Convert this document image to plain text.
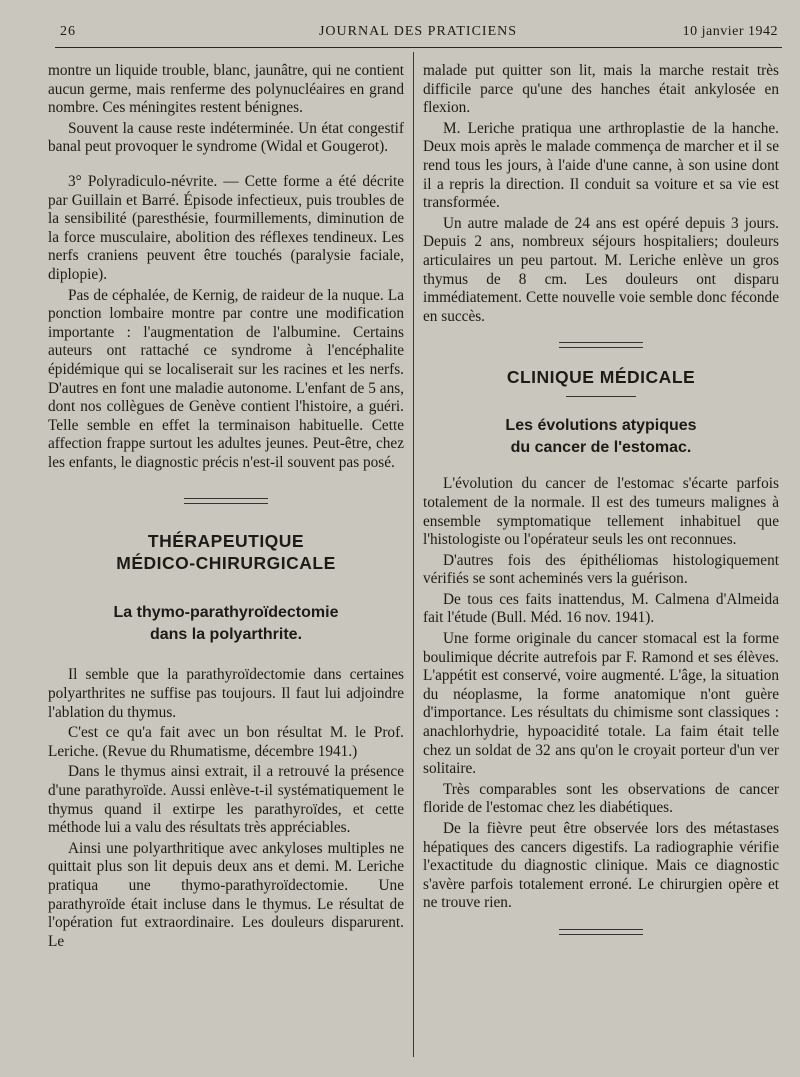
26	JOURNAL DES PRATICIENS	10 janvier 1942

montre un liquide trouble, blanc, jaunâtre, qui ne contient aucun germe, mais renferme des polynucléaires en grand nombre. Ces méningites restent bénignes.

Souvent la cause reste indéterminée. Un état congestif banal peut provoquer le syndrome (Widal et Gougerot).

3° Polyradiculo-névrite. — Cette forme a été décrite par Guillain et Barré. Épisode infectieux, puis troubles de la sensibilité (paresthésie, fourmillements, diminution de la force musculaire, abolition des réflexes tendineux. Les nerfs craniens peuvent être touchés (paralysie faciale, diplopie).

Pas de céphalée, de Kernig, de raideur de la nuque. La ponction lombaire montre par contre une modification importante : l'augmentation de l'albumine. Certains auteurs ont rattaché ce syndrome à l'encéphalite épidémique qui se localiserait sur les racines et les nerfs. D'autres en font une maladie autonome. L'enfant de 5 ans, dont nos collègues de Genève contient l'histoire, a guéri. Telle semble en effet la terminaison habituelle. Cette affection frappe surtout les adultes jeunes. Peut-être, chez les enfants, le diagnostic précis n'est-il souvent pas posé.

THÉRAPEUTIQUE
MÉDICO-CHIRURGICALE
La thymo-parathyroïdectomie
dans la polyarthrite.

Il semble que la parathyroïdectomie dans certaines polyarthrites ne suffise pas toujours. Il faut lui adjoindre l'ablation du thymus.

C'est ce qu'a fait avec un bon résultat M. le Prof. Leriche. (Revue du Rhumatisme, décembre 1941.)

Dans le thymus ainsi extrait, il a retrouvé la présence d'une parathyroïde. Aussi enlève-t-il systématiquement le thymus quand il extirpe les parathyroïdes, et cette méthode lui a valu des résultats très appréciables.

Ainsi une polyarthritique avec ankyloses multiples ne quittait plus son lit depuis deux ans et demi. M. Leriche pratiqua une thymo-parathyroïdectomie. Une parathyroïde était incluse dans le thymus. Le résultat de l'opération fut extraordinaire. Les douleurs disparurent. Le

malade put quitter son lit, mais la marche restait très difficile parce qu'une des hanches était ankylosée en flexion.

M. Leriche pratiqua une arthroplastie de la hanche. Deux mois après le malade commença de marcher et il se rend tous les jours, à l'aide d'une canne, à son usine dont il a repris la direction. Il conduit sa voiture et sa vie est transformée.

Un autre malade de 24 ans est opéré depuis 3 jours. Depuis 2 ans, nombreux séjours hospitaliers; douleurs articulaires un peu partout. M. Leriche enlève un gros thymus de 8 cm. Les douleurs ont disparu immédiatement. Cette nouvelle voie semble donc féconde en succès.

CLINIQUE MÉDICALE
Les évolutions atypiques
du cancer de l'estomac.

L'évolution du cancer de l'estomac s'écarte parfois totalement de la normale. Il est des tumeurs malignes à ensemble symptomatique tellement inhabituel que l'histologiste ou l'opérateur seuls les ont reconnues.

D'autres fois des épithéliomas histologiquement vérifiés se sont acheminés vers la guérison.

De tous ces faits inattendus, M. Calmena d'Almeida fait l'étude (Bull. Méd. 16 nov. 1941).

Une forme originale du cancer stomacal est la forme boulimique décrite autrefois par F. Ramond et ses élèves. L'appétit est conservé, voire augmenté. L'âge, la situation du néoplasme, la forme anatomique n'ont guère d'importance. Les résultats du chimisme sont classiques : anachlorhydrie, hypoacidité totale. La faim était telle chez un soldat de 32 ans qu'on le croyait porteur d'un ver solitaire.

Très comparables sont les observations de cancer floride de l'estomac chez les diabétiques.

De la fièvre peut être observée lors des métastases hépatiques des cancers digestifs. La radiographie vérifie l'exactitude du diagnostic clinique. Mais ce diagnostic s'avère parfois totalement erroné. Le chirurgien opère et ne trouve rien.
